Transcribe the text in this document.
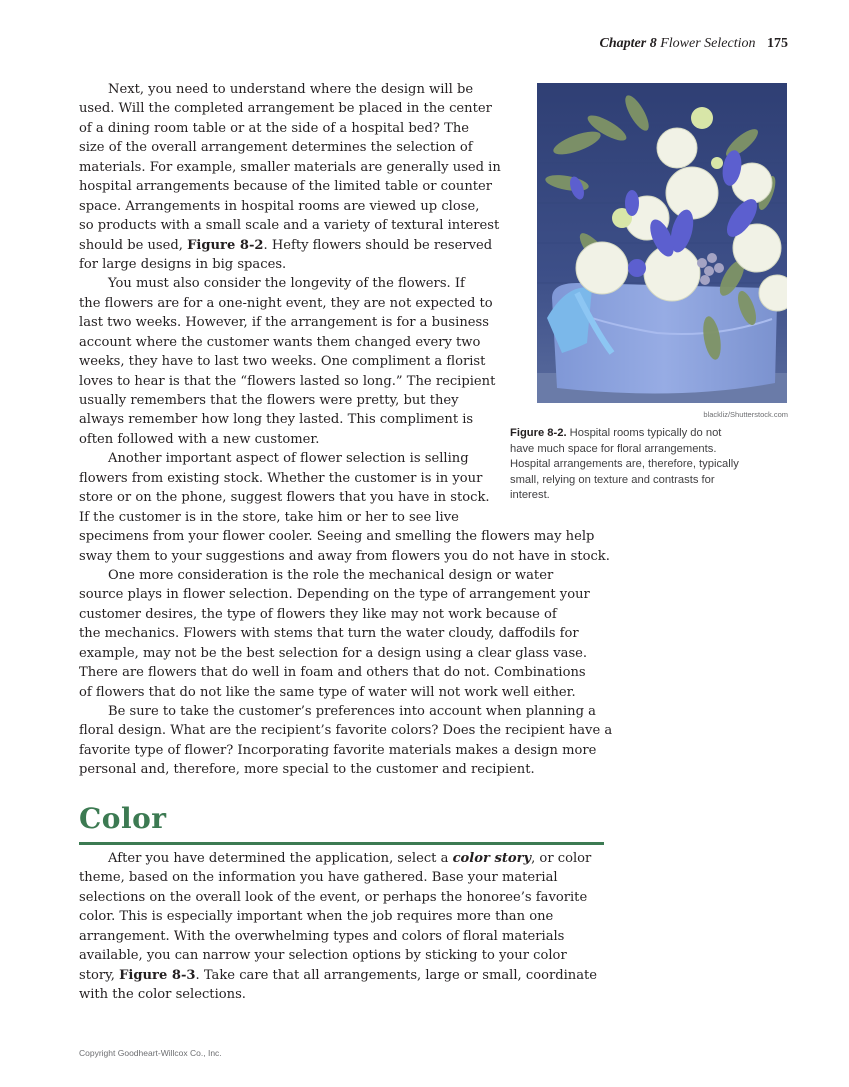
Chapter 8 Flower Selection 175
Next, you need to understand where the design will be
used. Will the completed arrangement be placed in the center
of a dining room table or at the side of a hospital bed? The
size of the overall arrangement determines the selection of
materials. For example, smaller materials are generally used in
hospital arrangements because of the limited table or counter
space. Arrangements in hospital rooms are viewed up close,
so products with a small scale and a variety of textural interest
should be used, Figure 8-2. Hefty flowers should be reserved
for large designs in big spaces.
You must also consider the longevity of the flowers. If
the flowers are for a one-night event, they are not expected to
last two weeks. However, if the arrangement is for a business
account where the customer wants them changed every two
weeks, they have to last two weeks. One compliment a florist
loves to hear is that the “flowers lasted so long.” The recipient
usually remembers that the flowers were pretty, but they
always remember how long they lasted. This compliment is
often followed with a new customer.
Another important aspect of flower selection is selling
flowers from existing stock. Whether the customer is in your
store or on the phone, suggest flowers that you have in stock.
If the customer is in the store, take him or her to see live
specimens from your flower cooler. Seeing and smelling the flowers may help
sway them to your suggestions and away from flowers you do not have in stock.
One more consideration is the role the mechanical design or water
source plays in flower selection. Depending on the type of arrangement your
customer desires, the type of flowers they like may not work because of
the mechanics. Flowers with stems that turn the water cloudy, daffodils for
example, may not be the best selection for a design using a clear glass vase.
There are flowers that do well in foam and others that do not. Combinations
of flowers that do not like the same type of water will not work well either.
Be sure to take the customer’s preferences into account when planning a
floral design. What are the recipient’s favorite colors? Does the recipient have a
favorite type of flower? Incorporating favorite materials makes a design more
personal and, therefore, more special to the customer and recipient.
blackliz/Shutterstock.com
Figure 8-2. Hospital rooms typically do not
have much space for floral arrangements.
Hospital arrangements are, therefore, typically
small, relying on texture and contrasts for
interest.
Color
After you have determined the application, select a color story, or color
theme, based on the information you have gathered. Base your material
selections on the overall look of the event, or perhaps the honoree’s favorite
color. This is especially important when the job requires more than one
arrangement. With the overwhelming types and colors of floral materials
available, you can narrow your selection options by sticking to your color
story, Figure 8-3. Take care that all arrangements, large or small, coordinate
with the color selections.
Copyright Goodheart-Willcox Co., Inc.
